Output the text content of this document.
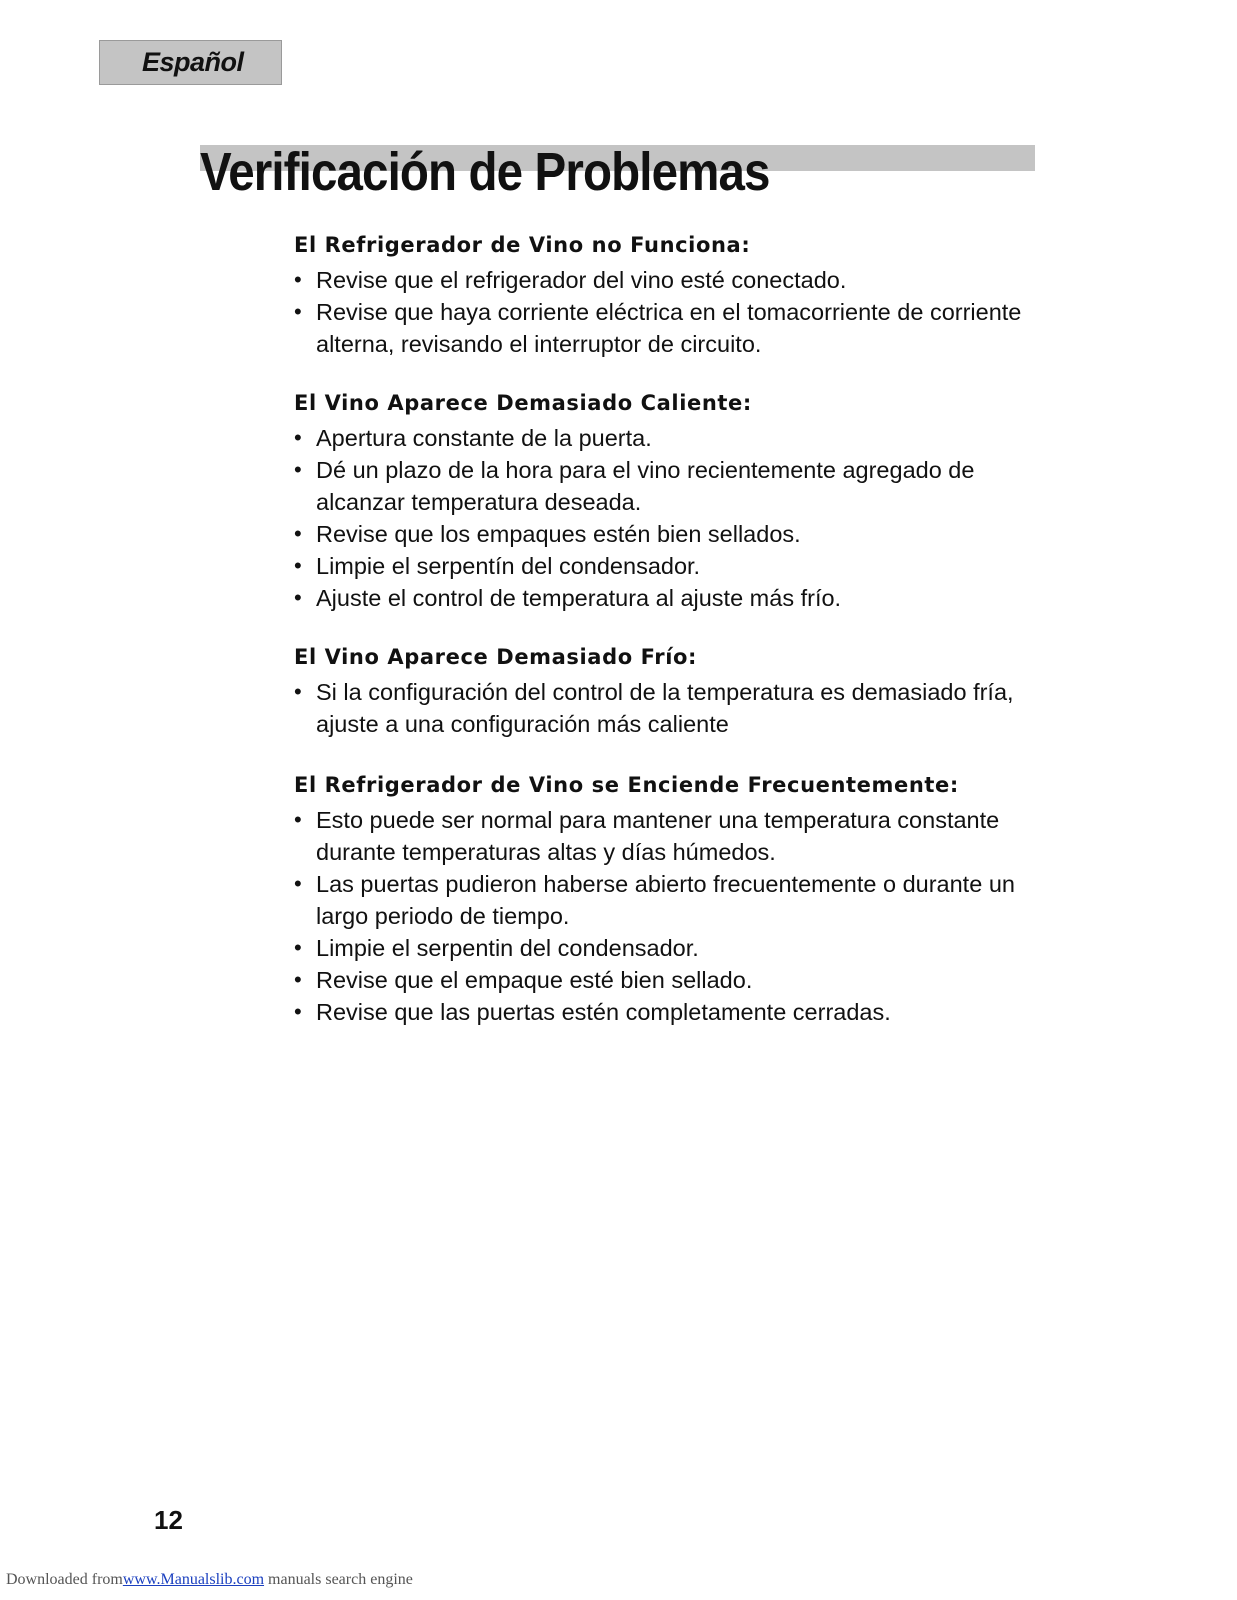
Español
Verificación de Problemas
El Refrigerador de Vino no Funciona:
• Revise que el refrigerador del vino esté conectado.
• Revise que haya corriente eléctrica en el tomacorriente de corriente alterna, revisando el interruptor de circuito.
El Vino Aparece Demasiado Caliente:
• Apertura constante de la puerta.
• Dé un plazo de la hora para el vino recientemente agregado de alcanzar temperatura deseada.
• Revise que los empaques estén bien sellados.
• Limpie el serpentín del condensador.
• Ajuste el control de temperatura al ajuste más frío.
El Vino Aparece Demasiado Frío:
• Si la configuración del control de la temperatura es demasiado fría, ajuste a una configuración más caliente
El Refrigerador de Vino se Enciende Frecuentemente:
• Esto puede ser normal para mantener una temperatura constante durante temperaturas altas y días húmedos.
• Las puertas pudieron haberse abierto frecuentemente o durante un largo periodo de tiempo.
• Limpie el serpentin del condensador.
• Revise que el empaque esté bien sellado.
• Revise que las puertas estén completamente cerradas.
12
Downloaded fromwww.Manualslib.com manuals search engine
